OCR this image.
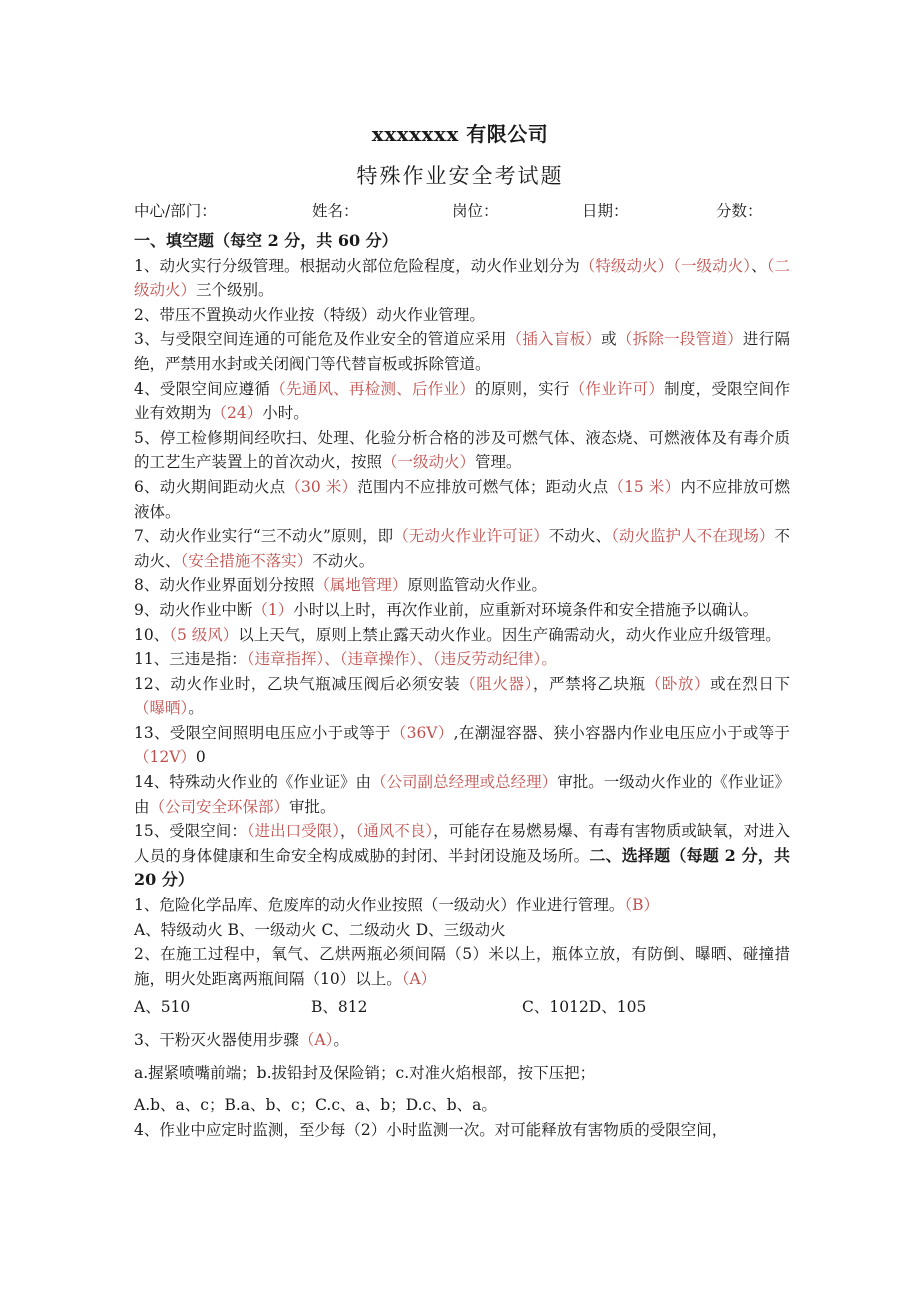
xxxxxxx 有限公司
特殊作业安全考试题
中心/部门：	姓名：	岗位：	日期：	分数：

一、填空题（每空 2 分，共 60 分）

1、动火实行分级管理。根据动火部位危险程度，动火作业划分为（特级动火）（一级动火）、（二级动火）三个级别。

2、带压不置换动火作业按（特级）动火作业管理。

3、与受限空间连通的可能危及作业安全的管道应采用（插入盲板）或（拆除一段管道）进行隔绝，严禁用水封或关闭阀门等代替盲板或拆除管道。

4、受限空间应遵循（先通风、再检测、后作业）的原则，实行（作业许可）制度，受限空间作业有效期为（24）小时。

5、停工检修期间经吹扫、处理、化验分析合格的涉及可燃气体、液态烧、可燃液体及有毒介质的工艺生产装置上的首次动火，按照（一级动火）管理。

6、动火期间距动火点（30 米）范围内不应排放可燃气体；距动火点（15 米）内不应排放可燃液体。

7、动火作业实行“三不动火”原则，即（无动火作业许可证）不动火、（动火监护人不在现场）不动火、（安全措施不落实）不动火。

8、动火作业界面划分按照（属地管理）原则监管动火作业。

9、动火作业中断（1）小时以上时，再次作业前，应重新对环境条件和安全措施予以确认。

10、（5 级风）以上天气，原则上禁止露天动火作业。因生产确需动火，动火作业应升级管理。

11、三违是指：（违章指挥）、（违章操作）、（违反劳动纪律）。

12、动火作业时，乙块气瓶减压阀后必须安装（阻火器），严禁将乙块瓶（卧放）或在烈日下（曝晒）。

13、受限空间照明电压应小于或等于（36V）,在潮湿容器、狭小容器内作业电压应小于或等于（12V）0

14、特殊动火作业的《作业证》由（公司副总经理或总经理）审批。一级动火作业的《作业证》由（公司安全环保部）审批。

15、受限空间：（进出口受限），（通风不良），可能存在易燃易爆、有毒有害物质或缺氧，对进入人员的身体健康和生命安全构成威胁的封闭、半封闭设施及场所。二、选择题（每题 2 分，共 20 分）

1、危险化学品库、危废库的动火作业按照（一级动火）作业进行管理。（B）

A、特级动火 B、一级动火 C、二级动火 D、三级动火

2、在施工过程中，氧气、乙烘两瓶必须间隔（5）米以上，瓶体立放，有防倒、曝晒、碰撞措施，明火处距离两瓶间隔（10）以上。（A）

A、510	B、812	C、1012D、105

3、干粉灭火器使用步骤（A）。

a.握紧喷嘴前端；b.拔铅封及保险销；c.对准火焰根部，按下压把；

A.b、a、c；B.a、b、c；C.c、a、b；D.c、b、a。

4、作业中应定时监测，至少每（2）小时监测一次。对可能释放有害物质的受限空间，
